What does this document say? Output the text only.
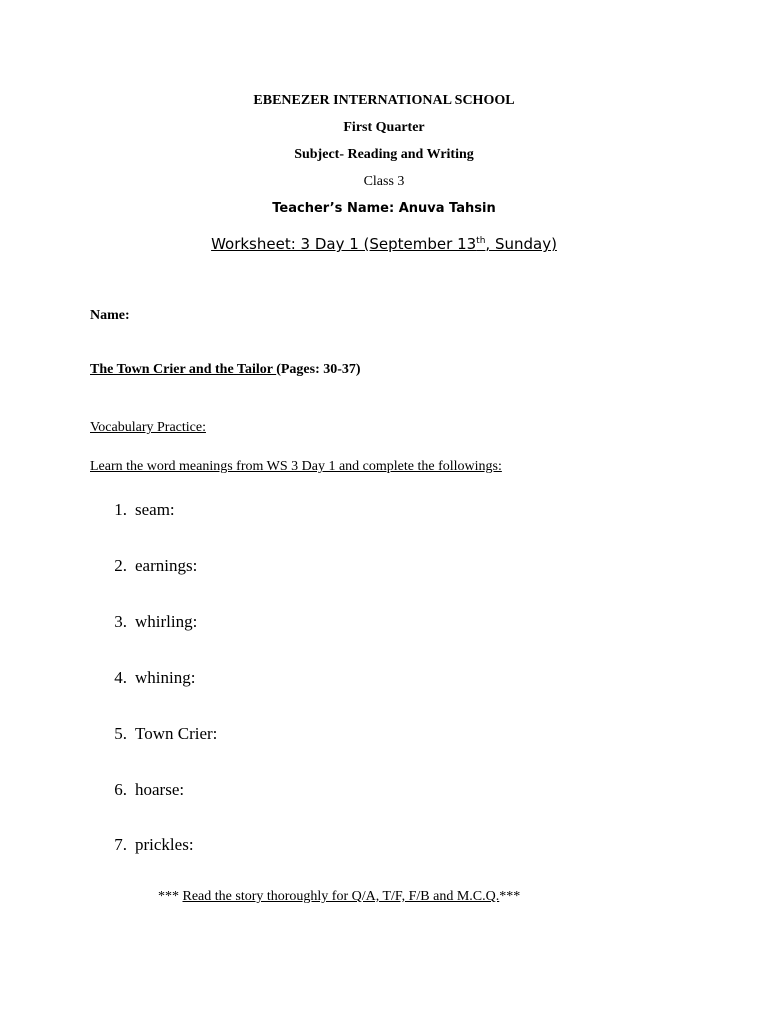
EBENEZER INTERNATIONAL SCHOOL
First Quarter
Subject- Reading and Writing
Class 3
Teacher’s Name: Anuva Tahsin
Worksheet: 3 Day 1 (September 13th, Sunday)
Name:
The Town Crier and the Tailor (Pages: 30-37)
Vocabulary Practice:
Learn the word meanings from WS 3 Day 1 and complete the followings:
1. seam:
2. earnings:
3. whirling:
4. whining:
5. Town Crier:
6. hoarse:
7. prickles:
*** Read the story thoroughly for Q/A, T/F, F/B and M.C.Q.***
